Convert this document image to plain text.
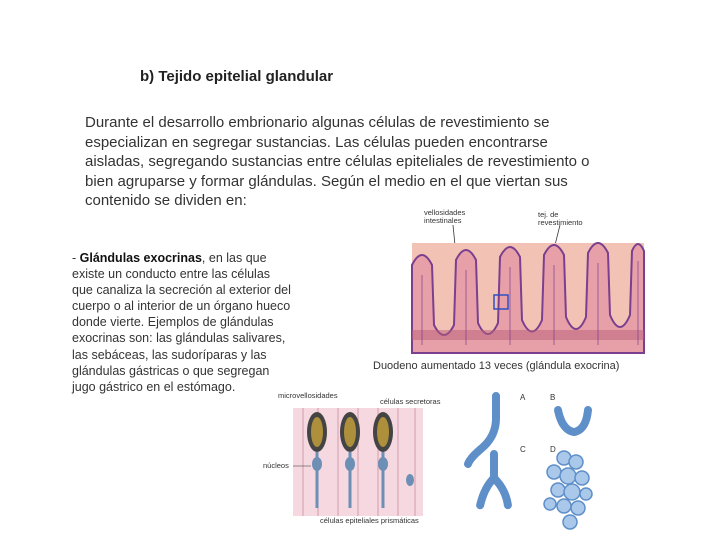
b) Tejido epitelial glandular

Durante el desarrollo embrionario algunas células de revestimiento se especializan en segregar sustancias. Las células pueden encontrarse aisladas, segregando sustancias entre células epiteliales de revestimiento o bien agruparse y formar glándulas. Según el medio en el que viertan sus contenido se dividen en:

- Glándulas exocrinas, en las que existe un conducto entre las células que canaliza la secreción al exterior del cuerpo o al interior de un órgano hueco donde vierte. Ejemplos de glándulas exocrinas son: las glándulas salivares, las sebáceas, las sudoríparas y las glándulas gástricas o que segregan jugo gástrico en el estómago.

vellosidades intestinales
tej. de revestimiento
Duodeno aumentado 13 veces (glándula exocrina)
microvellosidades
células secretoras
núcleos
células epiteliales prismáticas
A	B
C	D
